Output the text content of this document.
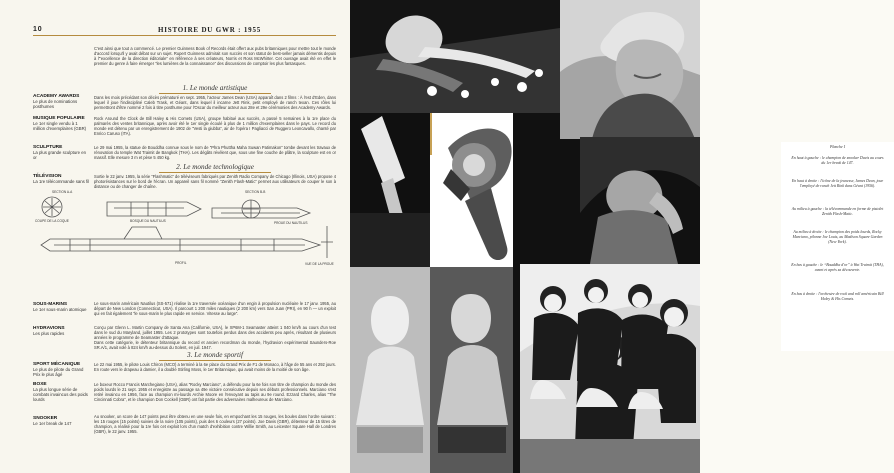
10	HISTOIRE DU GWR : 1955
C'est ainsi que tout a commencé. Le premier Guinness Book of Records était offert aux pubs britanniques pour mettre tout le monde d'accord lorsqu'il y avait débat sur un sujet. Rupert Guinness admirait son succès et son statut de best-seller jamais démentis depuis à l'“excellence de la direction éditoriale” en référence à ses créateurs, Norris et Ross McWhirter. Cet ouvrage avait été en effet le premier du genre à faire émerger “les lumières de la connaissance” des discussions de comptoir les plus fantasques.
1. Le monde artistique
ACADEMY AWARDS
Le plus de nominations posthumes
Dans les mois précédant son décès prématuré en sept. 1955, l'acteur James Dean (USA) apparaît dans 2 films : À l'est d'Eden, dans lequel il joue l'indiscipliné Caleb Trask, et Géant, dans lequel il incarne Jett Rink, petit employé de ranch texan. Ces rôles lui permettront d'être nommé 2 fois à titre posthume pour l'Oscar du meilleur acteur aux 28e et 29e cérémonies des Academy Awards.
MUSIQUE POPULAIRE
Le 1er single vendu à 1 million d'exemplaires (GBR)
Rock Around the Clock de Bill Haley & His Comets (USA), groupe habitué aux succès, a passé 5 semaines à la 1re place du palmarès des ventes britannique, après avoir été le 1er single écoulé à plus de 1 million d'exemplaires dans le pays. Le record du monde est détenu par un enregistrement de 1902 de “Vesti la giubba”, air de l'opéra I Pagliacci de Ruggero Leoncavallo, chanté par Enrico Caruso (ITA).
SCULPTURE
La plus grande sculpture en or
Le 29 mai 1955, la statue de Bouddha connue sous le nom de “Phra Phuttha Maha Suwan Patimakon” tombe devant les travaux de rénovation du temple Wat Traimit de Bangkok (THA). Les dégâts révèlent que, sous une fine couche de plâtre, la sculpture est en or massif. Elle mesure 3 m et pèse 5 450 kg.
2. Le monde technologique
TÉLÉVISION
La 1re télécommande sans fil
Sortie le 22 janv. 1955, la série “Flashmatic” de téléviseurs fabriqués par Zenith Radio Company de Chicago (Illinois, USA) propose 4 photorésistances sur le bord de l'écran. Un appareil sans fil nommé “Zenith Flash-Matic” permet aux utilisateurs de couper le son à distance ou de changer de chaîne.
SECTION A-A
COUPE DE LA COQUE	BOSQUE DU NAUTILUS
SECTION B-B
PROUE DU NAUTILUS
PROFIL	VUE DE LA PROUE
SOUS-MARINS
Le 1er sous-marin atomique
Le sous-marin américain Nautilus (SS-571) réalise la 1re traversée océanique d'un engin à propulsion nucléaire le 17 janv. 1955, au départ de New London (Connecticut, USA). Il parcourt 1 200 miles nautiques (2 200 km) vers San Juan (PRI), en 90 h — un exploit qui en fait également “le sous-marin le plus rapide en service. Vitesse au large”.
HYDRAVIONS
Les plus rapides
Conçu par Glenn L. Martin Company de Santa Ana (Californie, USA), le XP6M-1 Seamaster atteint 1 040 km/h au cours d'un test dans le sud du Maryland, juillet 1955. Les 2 prototypes sont toutefois perdus dans des accidents peu après, résultant de plusieurs années le programme de Seamaster d'attaque.
Dans cette catégorie, le détenteur britannique du record et ancien recordman du monde, l'hydravion expérimental Saunders-Roe SR.A/1, avait volé à 824 km/h au-dessus du Solent, en juil. 1947.
3. Le monde sportif
SPORT MÉCANIQUE
Le plus de pilote du Grand Prix le plus âgé
Le 22 mai 1955, le pilote Louis Chiron (MCO) a terminé à la 6e place du Grand Prix de F1 de Monaco, à l'âge de 55 ans et 292 jours. En route vers le drapeau à damier, il a doublé Stirling Moss, le 1er Britannique, qui avait moins de la moitié de son âge.
BOXE
La plus longue série de combats invaincus des poids lourds
Le boxeur Rocco Francis Marchegiano (USA), alias “Rocky Marciano”, a défendu pour la 6e fois son titre de champion du monde des poids lourds le 21 sept. 1955 et enregistre au passage sa 49e victoire consécutive depuis ses débuts professionnels. Marciano s'est retiré invaincu en 1956, face au champion mi-lourds Archie Moore en l'envoyant au tapis au 9e round. Ezzard Charles, alias “The Cincinnati Cobra”, et le champion Don Cockell (GBR) ont fait partie des adversaires malheureux de Marciano.
SNOOKER
Le 1er break de 147
Au snooker, un score de 147 points peut être obtenu en une seule fois, en empochant les 15 rouges, les boules dans l'ordre suivant : les 15 rouges (15 points) suivies de la noire (105 points), puis des 6 couleurs (27 points). Joe Davis (GBR), détenteur de 15 titres de champion, a réalisé pour la 1re fois cet exploit lors d'un match d'exhibition contre Willie Smith, au Leicester Square Hall de Londres (GBR), le 22 janv. 1955.
Planche I
En haut à gauche : le champion de snooker Davis au cours du 1er break de 147.
En haut à droite : l'icône de la jeunesse, James Dean, joue l'employé de ranch Jett Rink dans Géant (1956).
Au milieu à gauche : la télécommande en forme de pistolet Zenith Flash-Matic.
Au milieu à droite : le champion des poids lourds, Rocky Marciano, pilonne Joe Louis, au Madison Square Garden (New York).
En bas à gauche : le “Bouddha d'or” à Wat Traimit (THA), avant et après sa découverte.
En bas à droite : l'orchestre de rock and roll américain Bill Haley & His Comets.
